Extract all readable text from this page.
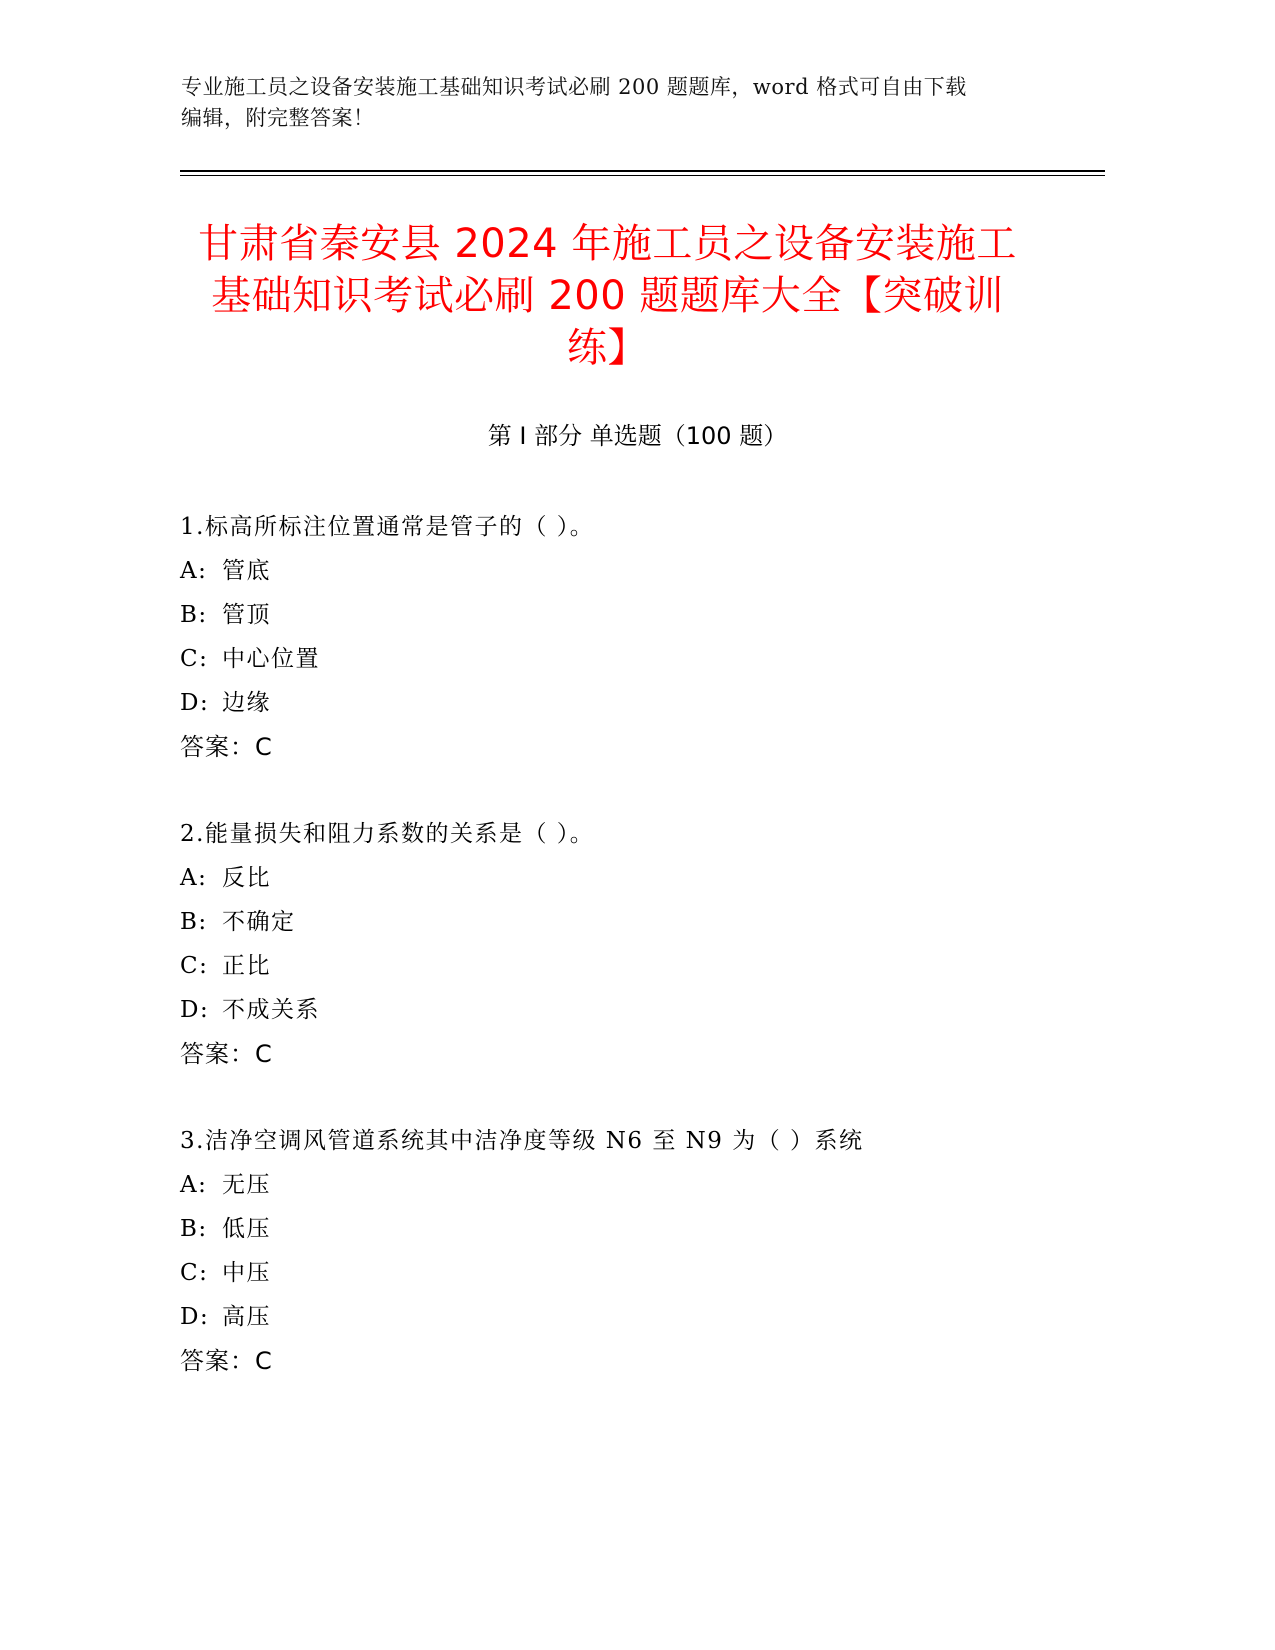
专业施工员之设备安装施工基础知识考试必刷 200 题题库，word 格式可自由下载
编辑，附完整答案！
甘肃省秦安县 2024 年施工员之设备安装施工
基础知识考试必刷 200 题题库大全【突破训
练】
第 I 部分 单选题（100 题）
1.标高所标注位置通常是管子的（ ）。
A: 管底
B: 管顶
C: 中心位置
D: 边缘
答案：C
2.能量损失和阻力系数的关系是（ ）。
A: 反比
B: 不确定
C: 正比
D: 不成关系
答案：C
3.洁净空调风管道系统其中洁净度等级 N6 至 N9 为（ ）系统
A: 无压
B: 低压
C: 中压
D: 高压
答案：C
